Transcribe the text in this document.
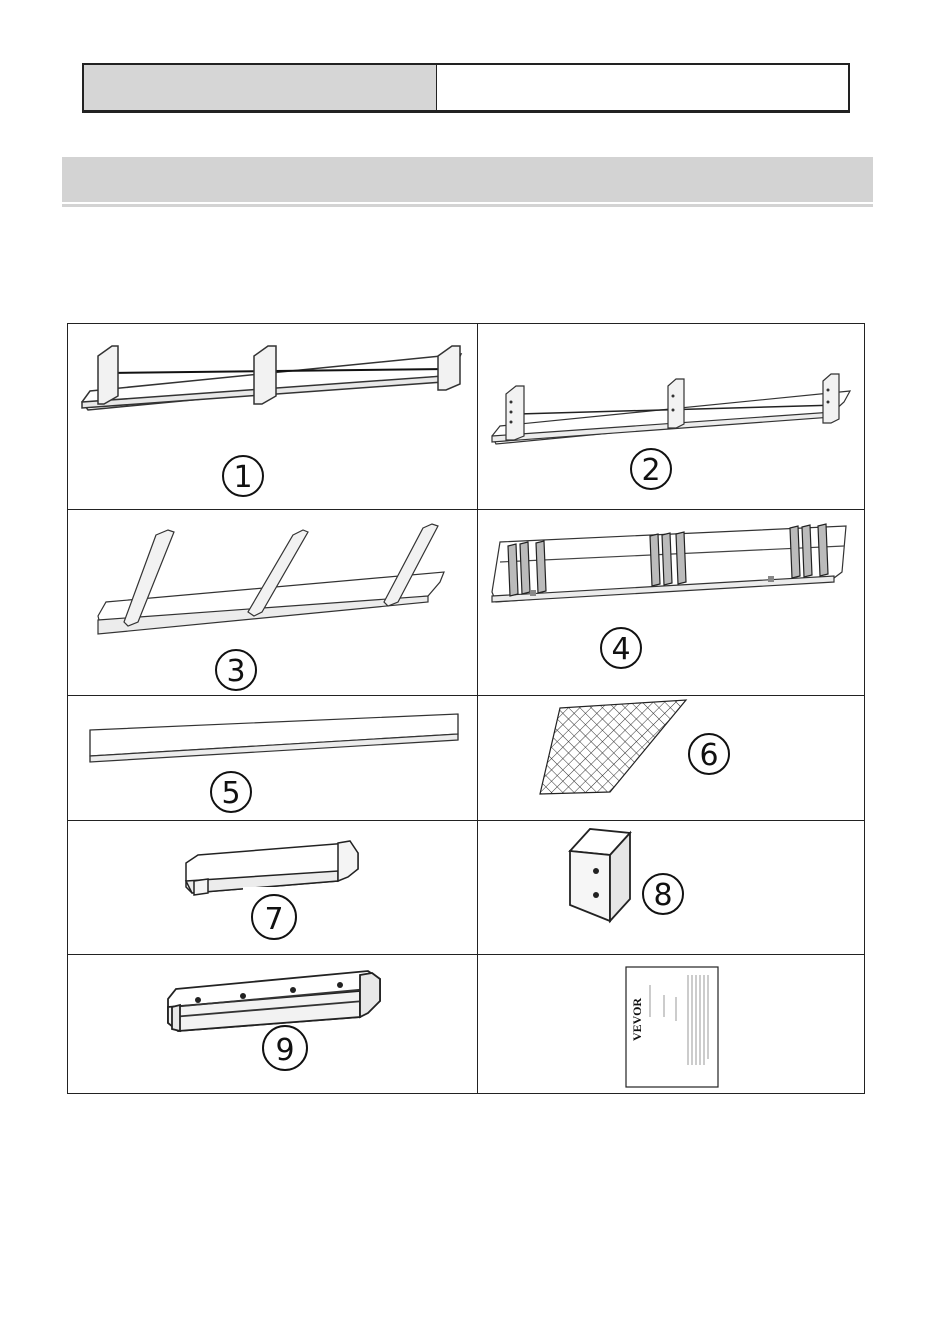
1	2
3
4
5
6
7
8
9
VEVOR
